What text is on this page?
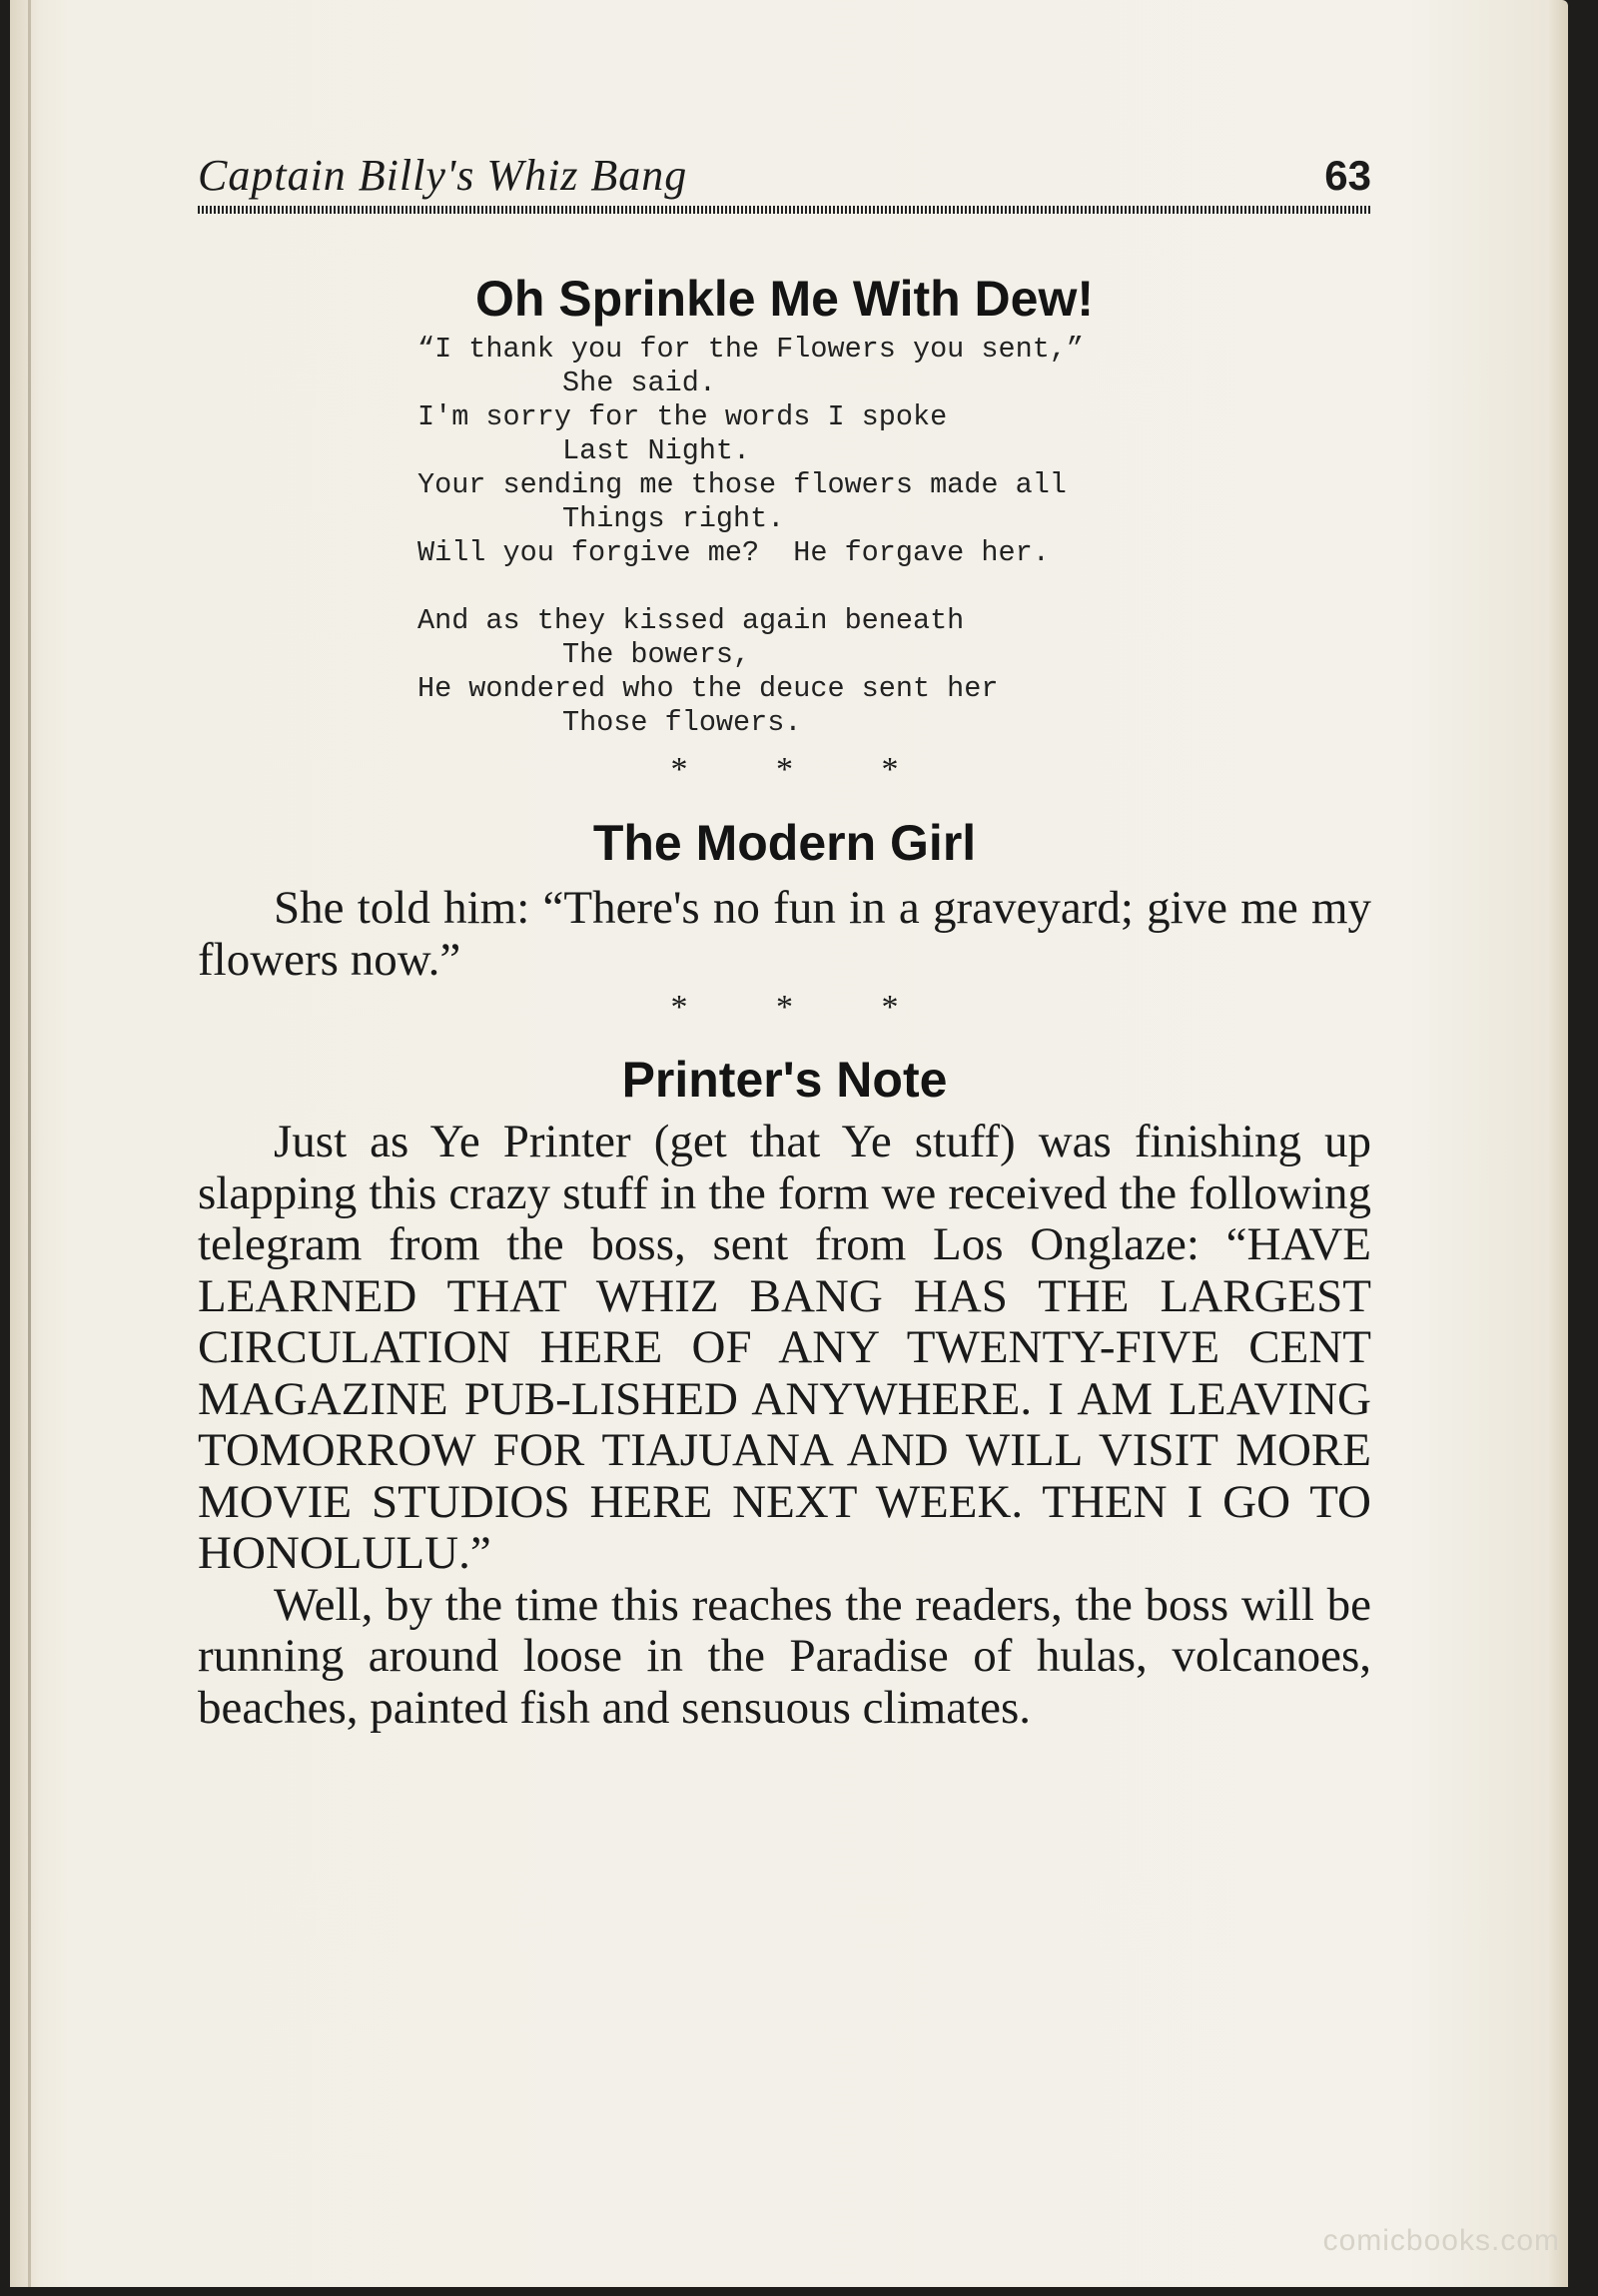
Captain Billy's Whiz Bang	63
Oh Sprinkle Me With Dew!
“I thank you for the Flowers you sent,”
She said.
I'm sorry for the words I spoke
Last Night.
Your sending me those flowers made all
Things right.
Will you forgive me?  He forgave her.
And as they kissed again beneath
The bowers,
He wondered who the deuce sent her
Those flowers.
* * *
The Modern Girl

She told him: “There's no fun in a graveyard; give me my flowers now.”

* * *
Printer's Note

Just as Ye Printer (get that Ye stuff) was finishing up slapping this crazy stuff in the form we received the following telegram from the boss, sent from Los Onglaze: “HAVE LEARNED THAT WHIZ BANG HAS THE LARGEST CIRCULATION HERE OF ANY TWENTY-FIVE CENT MAGAZINE PUB-LISHED ANYWHERE. I AM LEAVING TOMORROW FOR TIAJUANA AND WILL VISIT MORE MOVIE STUDIOS HERE NEXT WEEK. THEN I GO TO HONOLULU.”

Well, by the time this reaches the readers, the boss will be running around loose in the Paradise of hulas, volcanoes, beaches, painted fish and sensuous climates.

comicbooks.com
